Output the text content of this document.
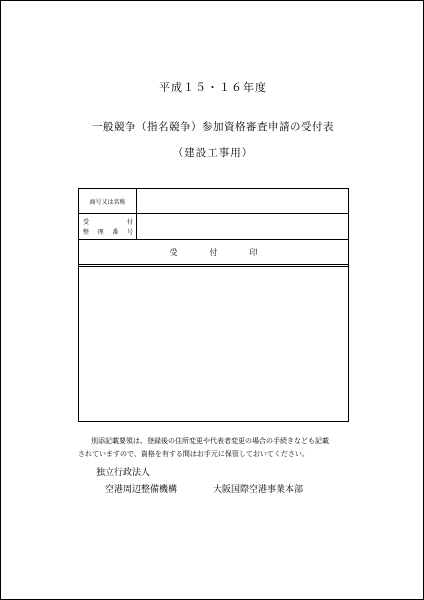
平成１５・１６年度
一般競争（指名競争）参加資格審査申請の受付表
（建設工事用）
商号又は名称
受	付
整 理 番 号
受	付	印
別添記載要領は、登録後の住所変更や代表者変更の場合の手続きなども記載
されていますので、資格を有する間はお手元に保管しておいてください。
独立行政法人
空港周辺整備機構	大阪国際空港事業本部
